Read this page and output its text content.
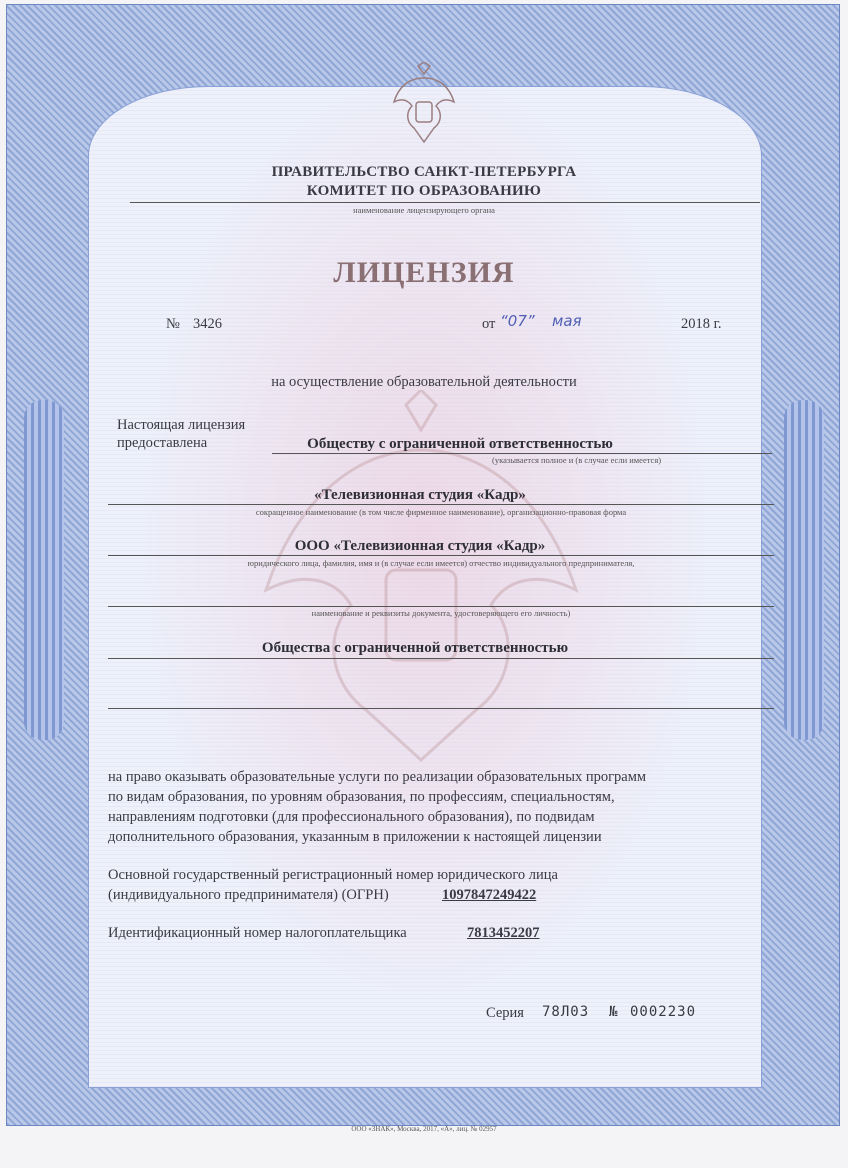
ПРАВИТЕЛЬСТВО САНКТ-ПЕТЕРБУРГА
КОМИТЕТ ПО ОБРАЗОВАНИЮ
наименование лицензирующего органа
ЛИЦЕНЗИЯ
№ 3426	от “07” мая	2018 г.
на осуществление образовательной деятельности
Настоящая лицензия
предоставлена	Обществу с ограниченной ответственностью
(указывается полное и (в случае если имеется)
«Телевизионная студия «Кадр»
сокращенное наименование (в том числе фирменное наименование), организационно-правовая форма
ООО «Телевизионная студия «Кадр»
юридического лица, фамилия, имя и (в случае если имеется) отчество индивидуального предпринимателя,
наименование и реквизиты документа, удостоверяющего его личность)
Общества с ограниченной ответственностью
на право оказывать образовательные услуги по реализации образовательных программ
по видам образования, по уровням образования, по профессиям, специальностям,
направлениям подготовки (для профессионального образования), по подвидам
дополнительного образования, указанным в приложении к настоящей лицензии
Основной государственный регистрационный номер юридического лица
(индивидуального предпринимателя) (ОГРН)	1097847249422
Идентификационный номер налогоплательщика	7813452207
Серия 78Л03 № 0002230
ООО «ЗНАК», Москва, 2017, «А», лиц. № 02957
